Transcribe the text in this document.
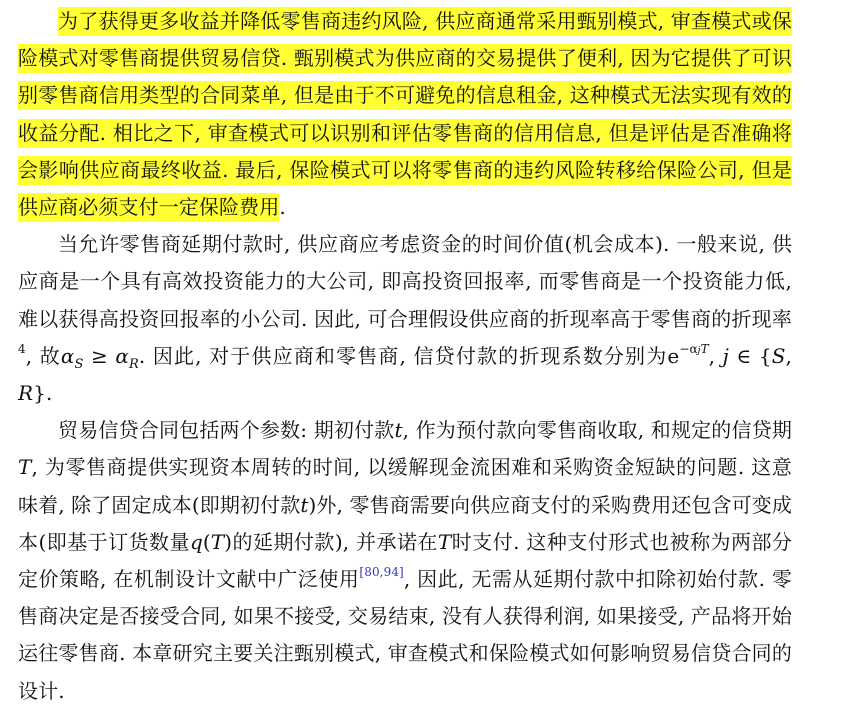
为了获得更多收益并降低零售商违约风险, 供应商通常采用甄别模式, 审查模式或保险模式对零售商提供贸易信贷. 甄别模式为供应商的交易提供了便利, 因为它提供了可识别零售商信用类型的合同菜单, 但是由于不可避免的信息租金, 这种模式无法实现有效的收益分配. 相比之下, 审查模式可以识别和评估零售商的信用信息, 但是评估是否准确将会影响供应商最终收益. 最后, 保险模式可以将零售商的违约风险转移给保险公司, 但是供应商必须支付一定保险费用.

当允许零售商延期付款时, 供应商应考虑资金的时间价值(机会成本). 一般来说, 供应商是一个具有高效投资能力的大公司, 即高投资回报率, 而零售商是一个投资能力低, 难以获得高投资回报率的小公司. 因此, 可合理假设供应商的折现率高于零售商的折现率$^4$, 故$\alpha_S \ge \alpha_R$. 因此, 对于供应商和零售商, 信贷付款的折现系数分别为$e^{-\alpha jT}$, j ∈ {S, R}.

贸易信贷合同包括两个参数: 期初付款t, 作为预付款向零售商收取, 和规定的信贷期T, 为零售商提供实现资本周转的时间, 以缓解现金流困难和采购资金短缺的问题. 这意味着, 除了固定成本(即期初付款t)外, 零售商需要向供应商支付的采购费用还包含可变成本(即基于订货数量q(T)的延期付款), 并承诺在T时支付. 这种支付形式也被称为两部分定价策略, 在机制设计文献中广泛使用[80,94], 因此, 无需从延期付款中扣除初始付款. 零售商决定是否接受合同, 如果不接受, 交易结束, 没有人获得利润, 如果接受, 产品将开始运往零售商. 本章研究主要关注甄别模式, 审查模式和保险模式如何影响贸易信贷合同的设计.
